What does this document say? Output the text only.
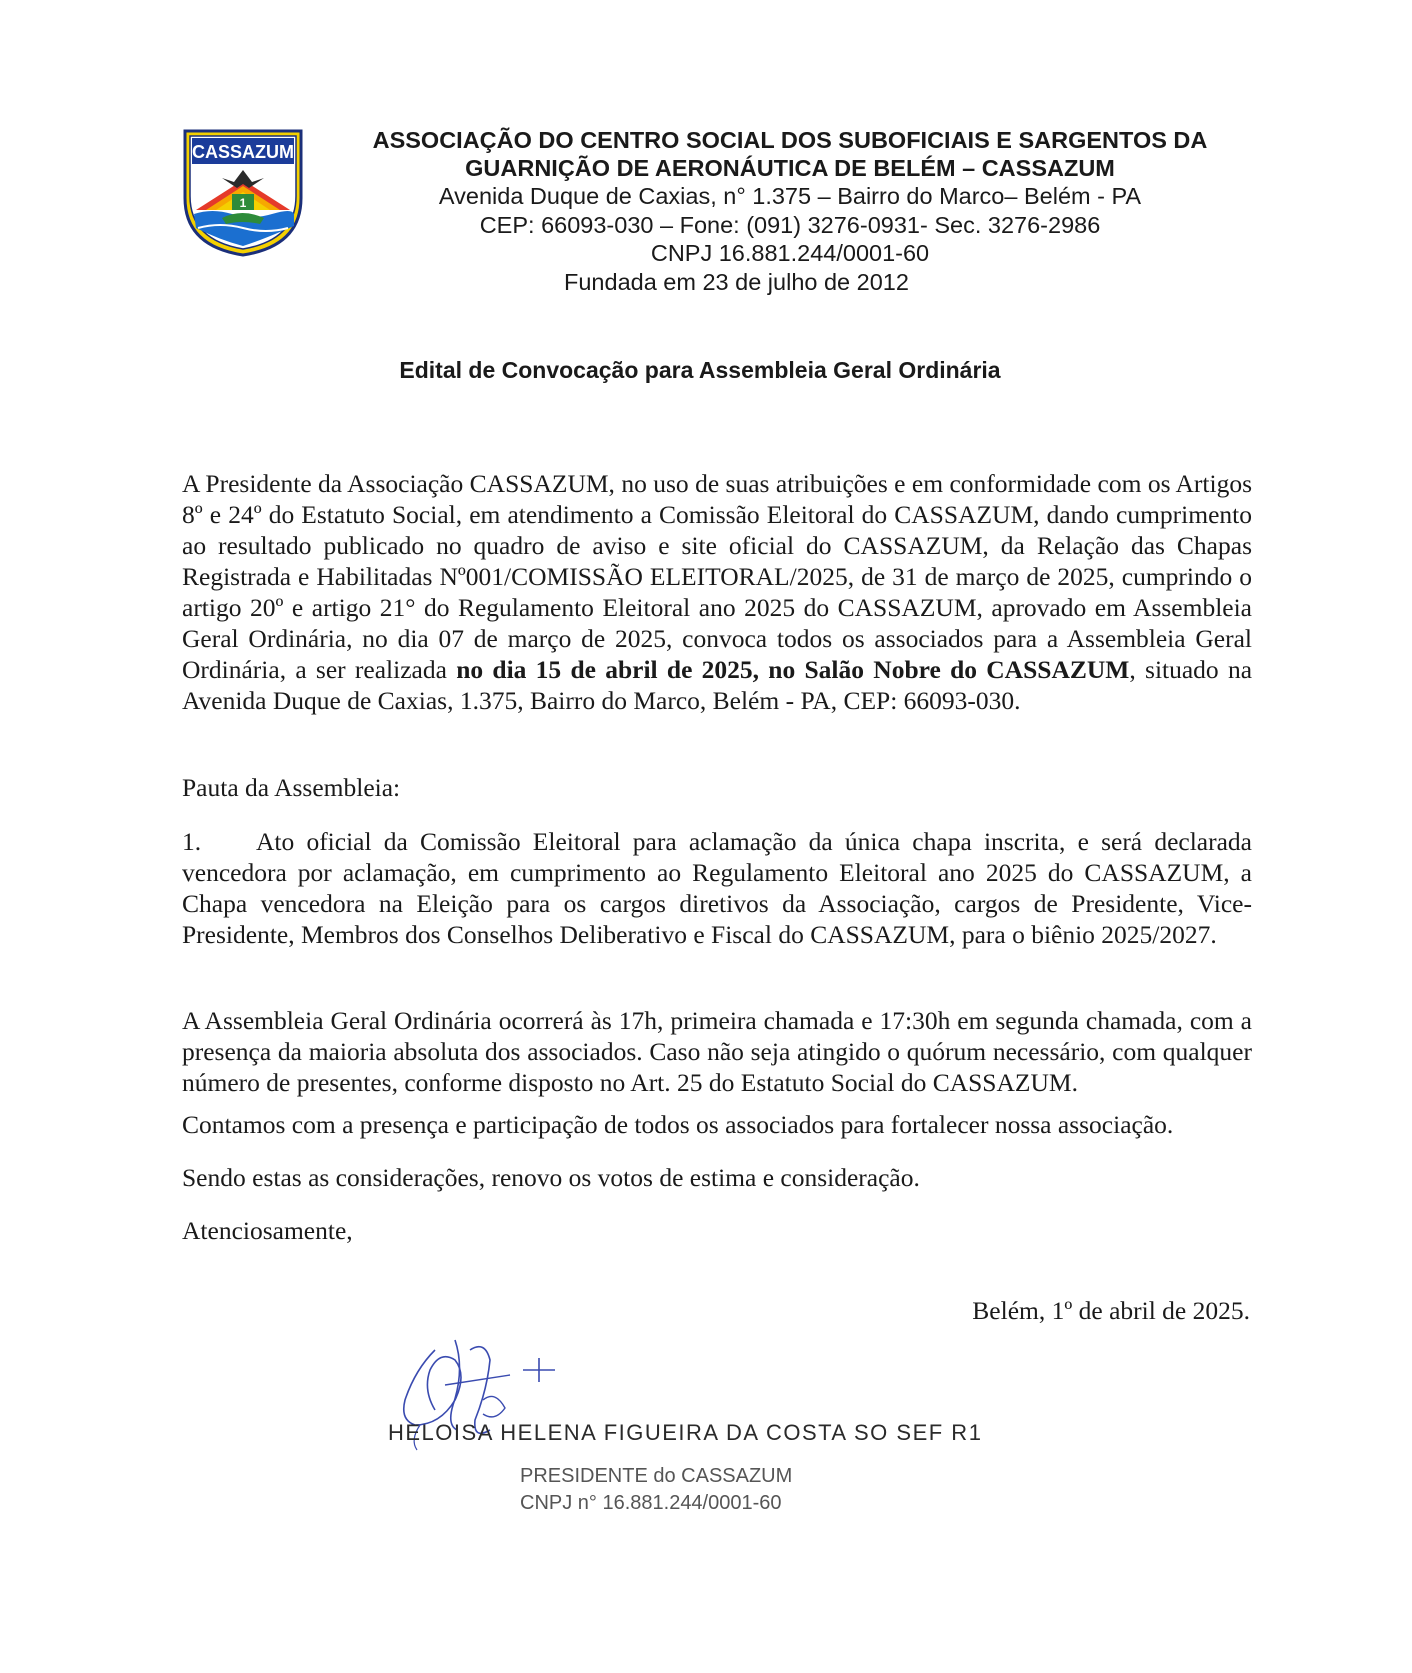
CASSAZUM
1
ASSOCIAÇÃO DO CENTRO SOCIAL DOS SUBOFICIAIS E SARGENTOS DA
GUARNIÇÃO DE AERONÁUTICA DE BELÉM – CASSAZUM
Avenida Duque de Caxias, n° 1.375 – Bairro do Marco– Belém - PA
CEP: 66093-030 – Fone: (091) 3276-0931- Sec. 3276-2986
CNPJ 16.881.244/0001-60
Fundada em 23 de julho de 2012
Edital de Convocação para Assembleia Geral Ordinária

A Presidente da Associação CASSAZUM, no uso de suas atribuições e em conformidade com os Artigos 8º e 24º do Estatuto Social, em atendimento a Comissão Eleitoral do CASSAZUM, dando cumprimento ao resultado publicado no quadro de aviso e site oficial do CASSAZUM, da Relação das Chapas Registrada e Habilitadas Nº001/COMISSÃO ELEITORAL/2025, de 31 de março de 2025, cumprindo o artigo 20º e artigo 21° do Regulamento Eleitoral ano 2025 do CASSAZUM, aprovado em Assembleia Geral Ordinária, no dia 07 de março de 2025, convoca todos os associados para a Assembleia Geral Ordinária, a ser realizada no dia 15 de abril de 2025, no Salão Nobre do CASSAZUM, situado na Avenida Duque de Caxias, 1.375, Bairro do Marco, Belém - PA, CEP: 66093-030.

Pauta da Assembleia:
1. Ato oficial da Comissão Eleitoral para aclamação da única chapa inscrita, e será declarada vencedora por aclamação, em cumprimento ao Regulamento Eleitoral ano 2025 do CASSAZUM, a Chapa vencedora na Eleição para os cargos diretivos da Associação, cargos de Presidente, Vice-Presidente, Membros dos Conselhos Deliberativo e Fiscal do CASSAZUM, para o biênio 2025/2027.
A Assembleia Geral Ordinária ocorrerá às 17h, primeira chamada e 17:30h em segunda chamada, com a presença da maioria absoluta dos associados. Caso não seja atingido o quórum necessário, com qualquer número de presentes, conforme disposto no Art. 25 do Estatuto Social do CASSAZUM.
Contamos com a presença e participação de todos os associados para fortalecer nossa associação.
Sendo estas as considerações, renovo os votos de estima e consideração.
Atenciosamente,
Belém, 1º de abril de 2025.
HELOISA HELENA FIGUEIRA DA COSTA SO SEF R1
PRESIDENTE do CASSAZUM
CNPJ n° 16.881.244/0001-60
